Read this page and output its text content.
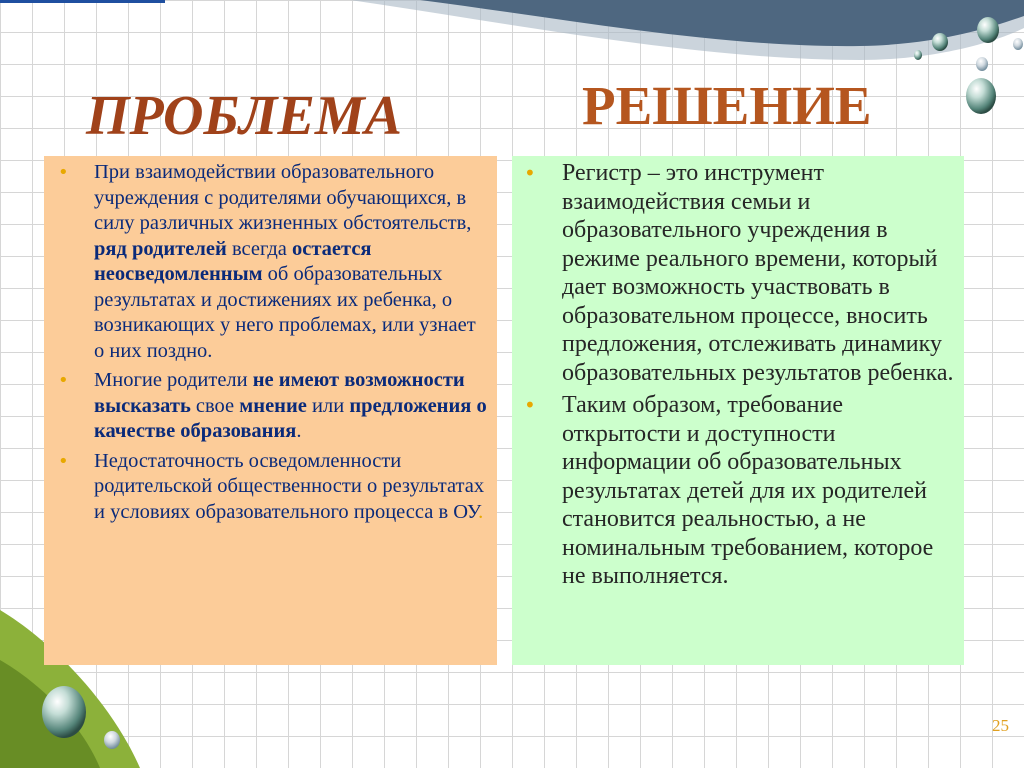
ПРОБЛЕМА	РЕШЕНИЕ
• При взаимодействии образовательного учреждения с родителями обучающихся, в силу различных жизненных обстоятельств, ряд родителей всегда остается неосведомленным об образовательных результатах и достижениях их ребенка, о возникающих у него проблемах, или узнает о них поздно.
• Многие родители не имеют возможности высказать свое мнение или предложения о качестве образования.
• Недостаточность осведомленности родительской общественности о результатах и условиях образовательного процесса в ОУ.
• Регистр – это инструмент взаимодействия семьи и образовательного учреждения в режиме реального времени, который дает возможность участвовать в образовательном процессе, вносить предложения, отслеживать динамику образовательных результатов ребенка.
• Таким образом, требование открытости и доступности информации об образовательных результатах детей для их родителей становится реальностью, а не номинальным требованием, которое не выполняется.
25
